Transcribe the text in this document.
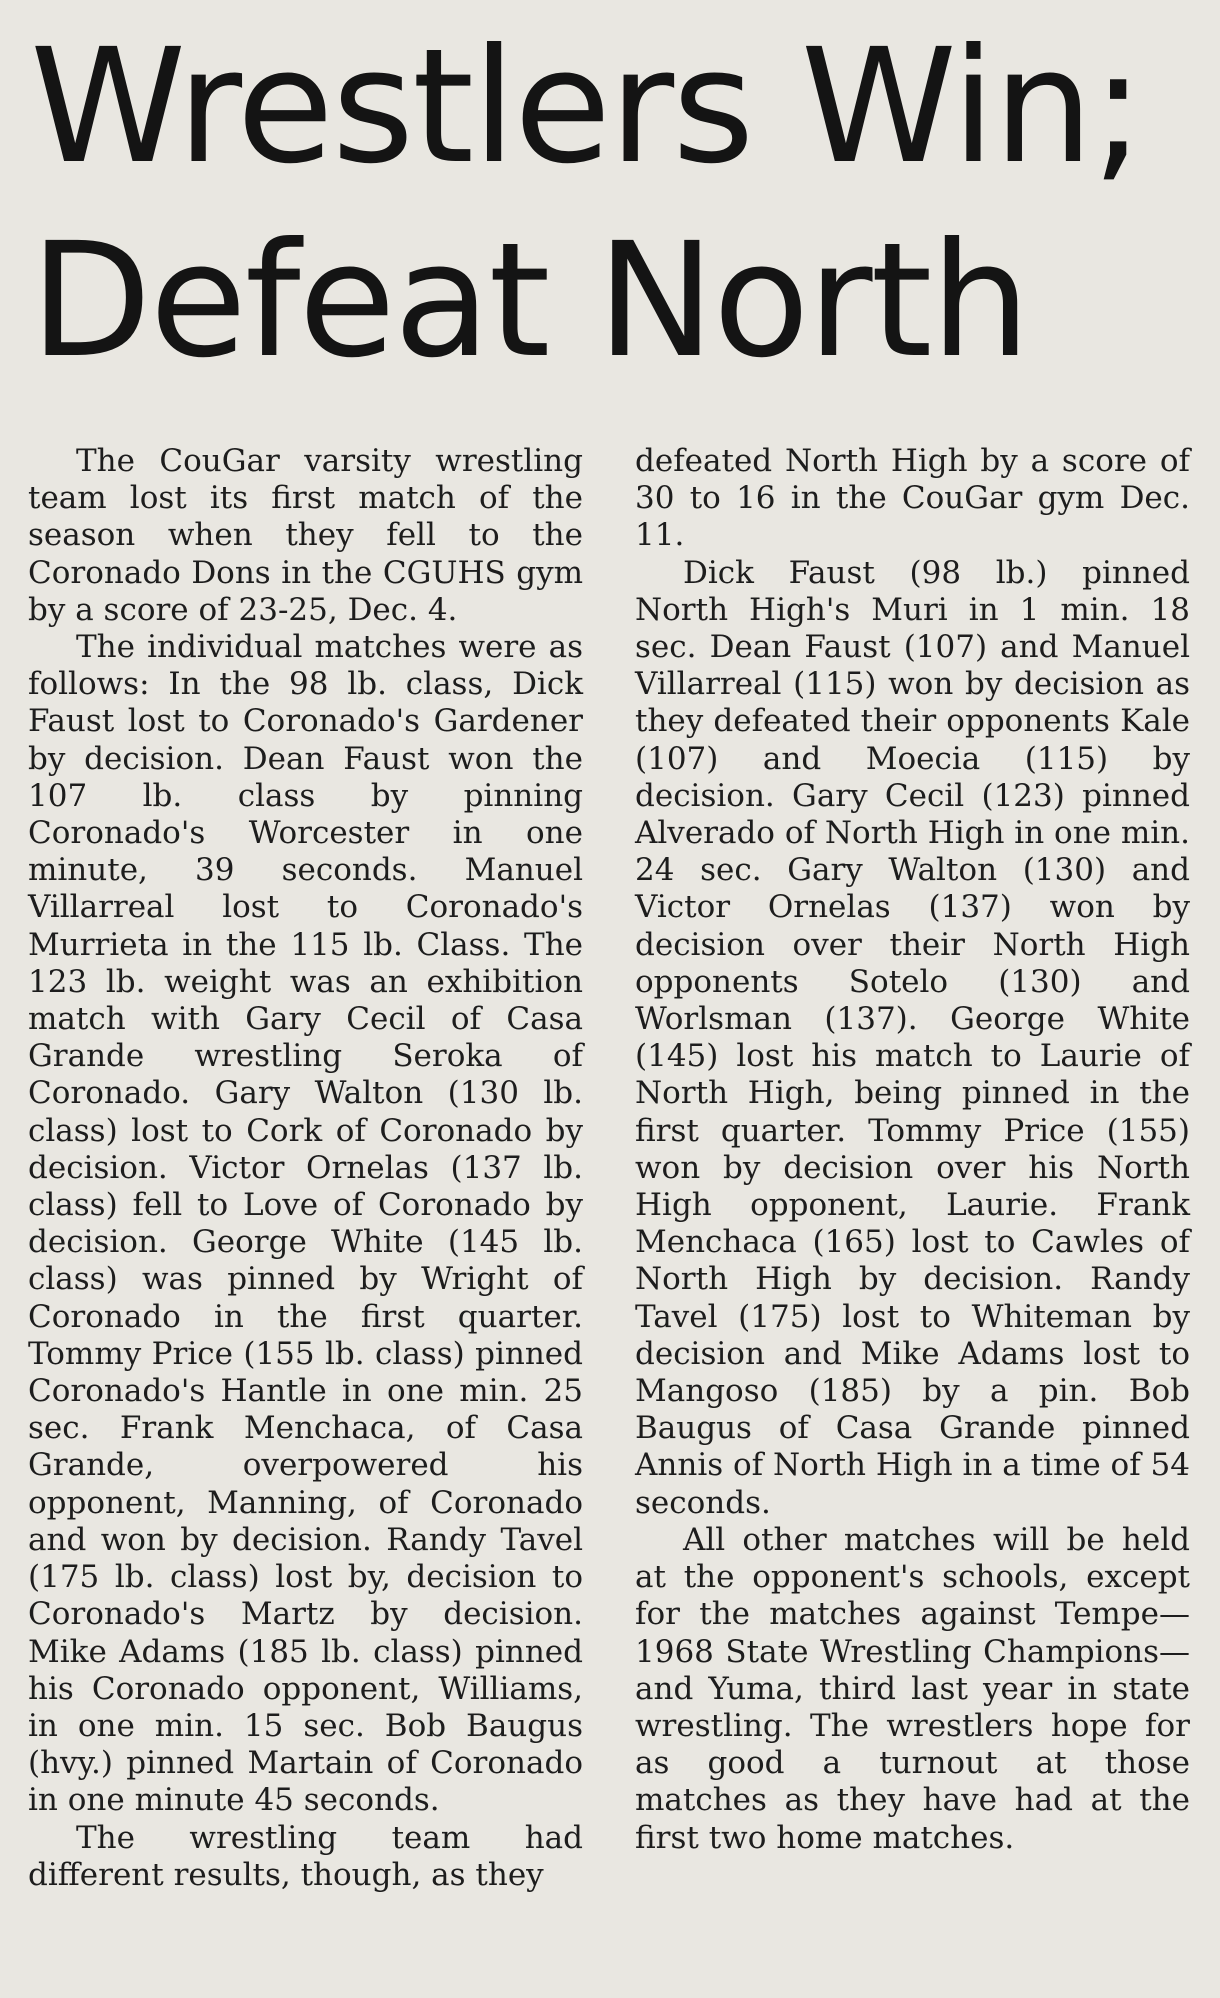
Wrestlers Win;
Defeat North

The CouGar varsity wrestling team lost its first match of the season when they fell to the Coronado Dons in the CGUHS gym by a score of 23-25, Dec. 4.

The individual matches were as follows: In the 98 lb. class, Dick Faust lost to Coronado's Gardener by decision. Dean Faust won the 107 lb. class by pinning Coronado's Worcester in one minute, 39 seconds. Manuel Villarreal lost to Coronado's Murrieta in the 115 lb. Class. The 123 lb. weight was an exhibition match with Gary Cecil of Casa Grande wrestling Seroka of Coronado. Gary Walton (130 lb. class) lost to Cork of Coronado by decision. Victor Ornelas (137 lb. class) fell to Love of Coronado by decision. George White (145 lb. class) was pinned by Wright of Coronado in the first quarter. Tommy Price (155 lb. class) pinned Coronado's Hantle in one min. 25 sec. Frank Menchaca, of Casa Grande, overpowered his opponent, Manning, of Coronado and won by decision. Randy Tavel (175 lb. class) lost by, decision to Coronado's Martz by decision. Mike Adams (185 lb. class) pinned his Coronado opponent, Williams, in one min. 15 sec. Bob Baugus (hvy.) pinned Martain of Coronado in one minute 45 seconds.

The wrestling team had different results, though, as they

defeated North High by a score of 30 to 16 in the CouGar gym Dec. 11.

Dick Faust (98 lb.) pinned North High's Muri in 1 min. 18 sec. Dean Faust (107) and Manuel Villarreal (115) won by decision as they defeated their opponents Kale (107) and Moecia (115) by decision. Gary Cecil (123) pinned Alverado of North High in one min. 24 sec. Gary Walton (130) and Victor Ornelas (137) won by decision over their North High opponents Sotelo (130) and Worlsman (137). George White (145) lost his match to Laurie of North High, being pinned in the first quarter. Tommy Price (155) won by decision over his North High opponent, Laurie. Frank Menchaca (165) lost to Cawles of North High by decision. Randy Tavel (175) lost to Whiteman by decision and Mike Adams lost to Mangoso (185) by a pin. Bob Baugus of Casa Grande pinned Annis of North High in a time of 54 seconds.

All other matches will be held at the opponent's schools, except for the matches against Tempe—1968 State Wrestling Champions—and Yuma, third last year in state wrestling. The wrestlers hope for as good a turnout at those matches as they have had at the first two home matches.
